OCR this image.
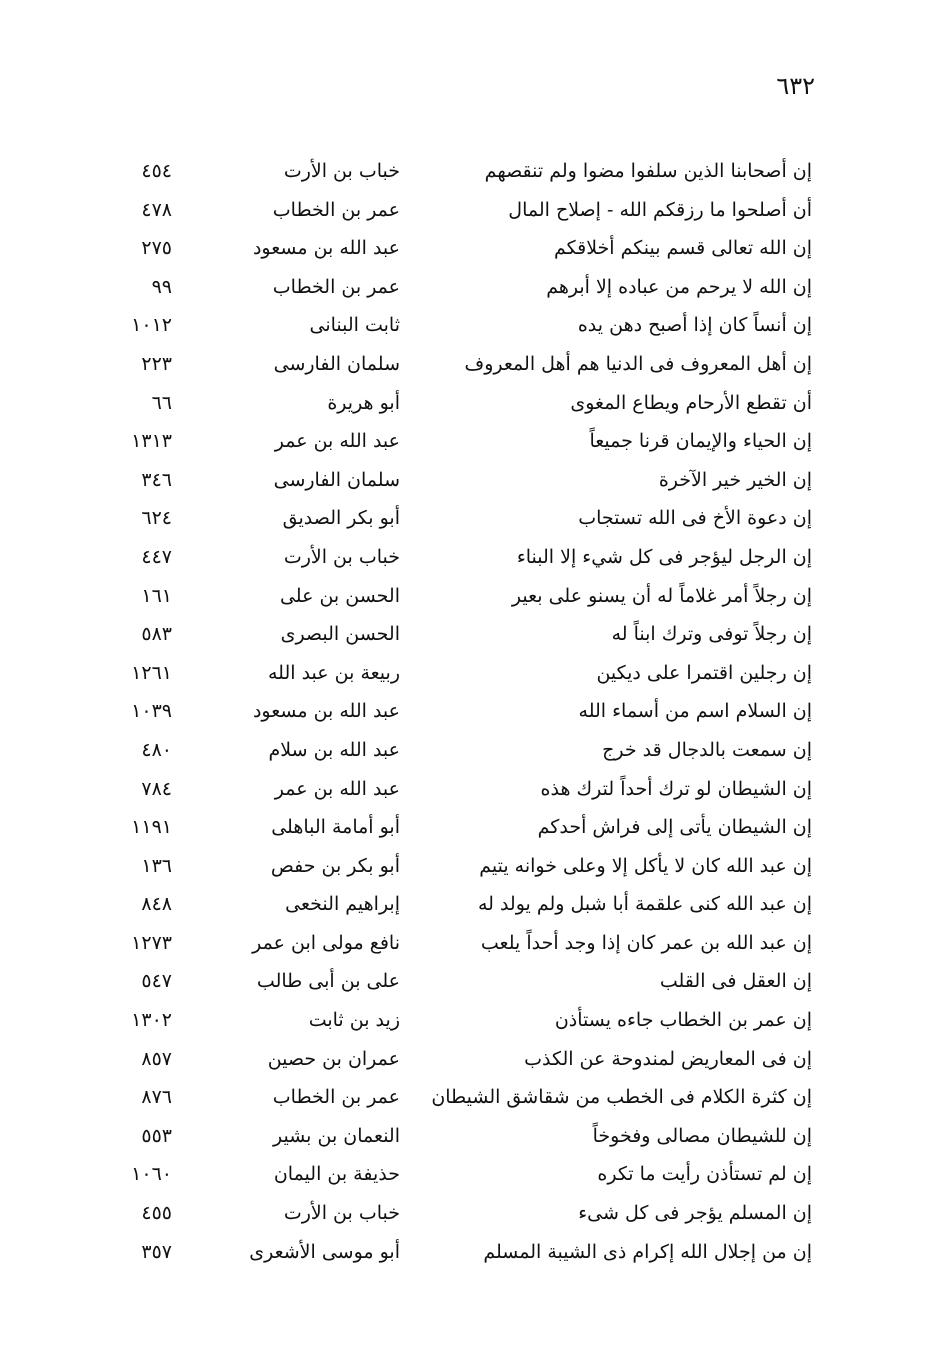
٦٣٢
إن أصحابنا الذين سلفوا مضوا ولم تنقصهم
خباب بن الأرت
٤٥٤
أن أصلحوا ما رزقكم الله - إصلاح المال
عمر بن الخطاب
٤٧٨
إن الله تعالى قسم بينكم أخلاقكم
عبد الله بن مسعود
٢٧٥
إن الله لا يرحم من عباده إلا أبرهم
عمر بن الخطاب
٩٩
إن أنساً كان إذا أصبح دهن يده
ثابت البنانى
١٠١٢
إن أهل المعروف فى الدنيا هم أهل المعروف
سلمان الفارسى
٢٢٣
أن تقطع الأرحام ويطاع المغوى
أبو هريرة
٦٦
إن الحياء والإيمان قرنا جميعاً
عبد الله بن عمر
١٣١٣
إن الخير خير الآخرة
سلمان الفارسى
٣٤٦
إن دعوة الأخ فى الله تستجاب
أبو بكر الصديق
٦٢٤
إن الرجل ليؤجر فى كل شيء إلا البناء
خباب بن الأرت
٤٤٧
إن رجلاً أمر غلاماً له أن يسنو على بعير
الحسن بن على
١٦١
إن رجلاً توفى وترك ابناً له
الحسن البصرى
٥٨٣
إن رجلين اقتمرا على ديكين
ربيعة بن عبد الله
١٢٦١
إن السلام اسم من أسماء الله
عبد الله بن مسعود
١٠٣٩
إن سمعت بالدجال قد خرج
عبد الله بن سلام
٤٨٠
إن الشيطان لو ترك أحداً لترك هذه
عبد الله بن عمر
٧٨٤
إن الشيطان يأتى إلى فراش أحدكم
أبو أمامة الباهلى
١١٩١
إن عبد الله كان لا يأكل إلا وعلى خوانه يتيم
أبو بكر بن حفص
١٣٦
إن عبد الله كنى علقمة أبا شبل ولم يولد له
إبراهيم النخعى
٨٤٨
إن عبد الله بن عمر كان إذا وجد أحداً يلعب
نافع مولى ابن عمر
١٢٧٣
إن العقل فى القلب
على بن أبى طالب
٥٤٧
إن عمر بن الخطاب جاءه يستأذن
زيد بن ثابت
١٣٠٢
إن فى المعاريض لمندوحة عن الكذب
عمران بن حصين
٨٥٧
إن كثرة الكلام فى الخطب من شقاشق الشيطان
عمر بن الخطاب
٨٧٦
إن للشيطان مصالى وفخوخاً
النعمان بن بشير
٥٥٣
إن لم تستأذن رأيت ما تكره
حذيفة بن اليمان
١٠٦٠
إن المسلم يؤجر فى كل شىء
خباب بن الأرت
٤٥٥
إن من إجلال الله إكرام ذى الشيبة المسلم
أبو موسى الأشعرى
٣٥٧
